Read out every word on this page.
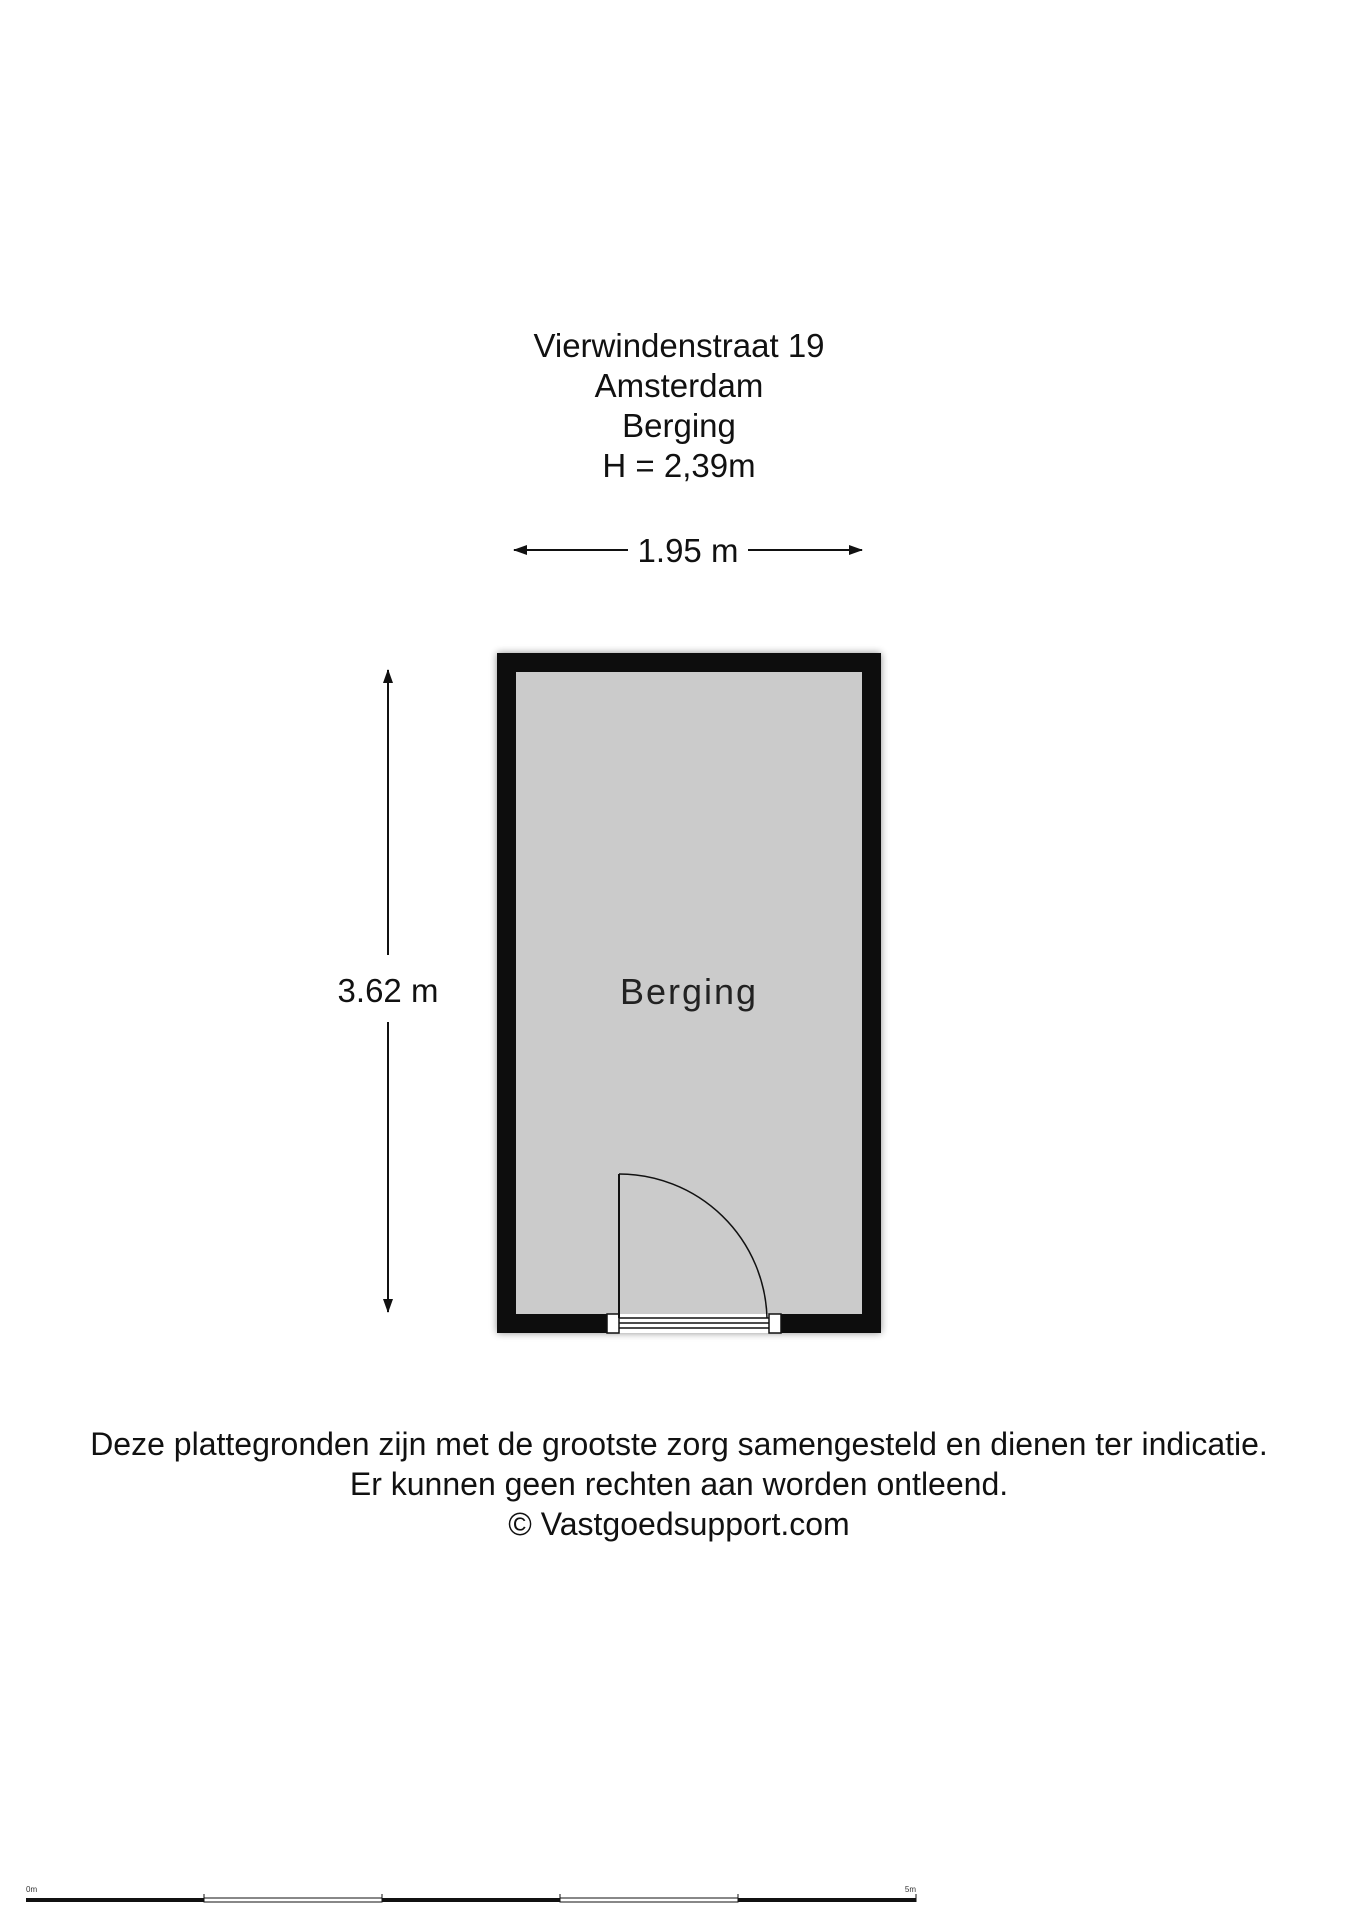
Vierwindenstraat 19
Amsterdam
Berging
H = 2,39m
1.95 m
3.62 m	Berging
0m	5m
Deze plattegronden zijn met de grootste zorg samengesteld en dienen ter indicatie.
Er kunnen geen rechten aan worden ontleend.
© Vastgoedsupport.com
